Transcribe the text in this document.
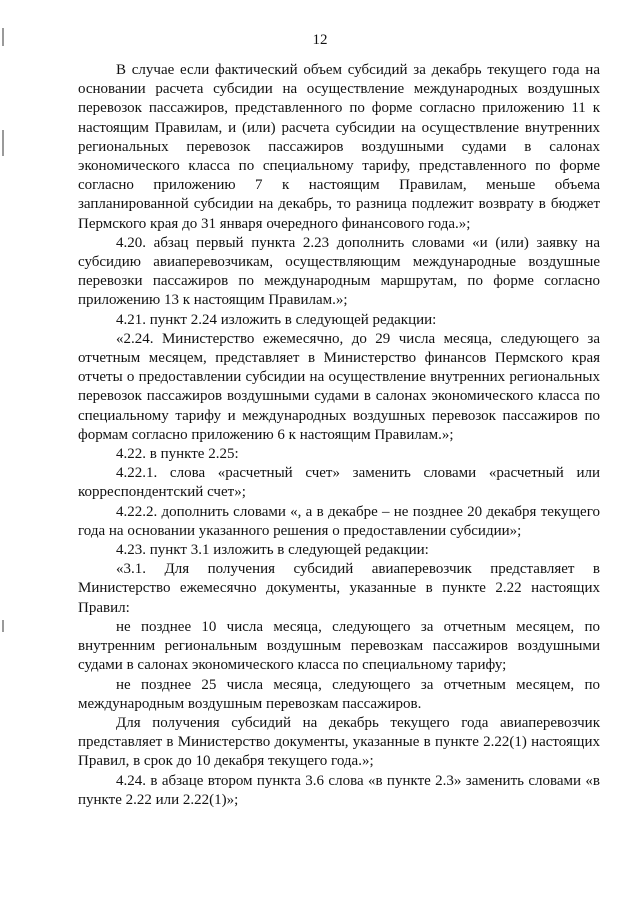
12

В случае если фактический объем субсидий за декабрь текущего года на основании расчета субсидии на осуществление международных воздушных перевозок пассажиров, представленного по форме согласно приложению 11 к настоящим Правилам, и (или) расчета субсидии на осуществление внутренних региональных перевозок пассажиров воздушными судами в салонах экономического класса по специальному тарифу, представленного по форме согласно приложению 7 к настоящим Правилам, меньше объема запланированной субсидии на декабрь, то разница подлежит возврату в бюджет Пермского края до 31 января очередного финансового года.»;

4.20. абзац первый пункта 2.23 дополнить словами «и (или) заявку на субсидию авиаперевозчикам, осуществляющим международные воздушные перевозки пассажиров по международным маршрутам, по форме согласно приложению 13 к настоящим Правилам.»;

4.21. пункт 2.24 изложить в следующей редакции:

«2.24. Министерство ежемесячно, до 29 числа месяца, следующего за отчетным месяцем, представляет в Министерство финансов Пермского края отчеты о предоставлении субсидии на осуществление внутренних региональных перевозок пассажиров воздушными судами в салонах экономического класса по специальному тарифу и международных воздушных перевозок пассажиров по формам согласно приложению 6 к настоящим Правилам.»;

4.22. в пункте 2.25:

4.22.1. слова «расчетный счет» заменить словами «расчетный или корреспондентский счет»;

4.22.2. дополнить словами «, а в декабре – не позднее 20 декабря текущего года на основании указанного решения о предоставлении субсидии»;

4.23. пункт 3.1 изложить в следующей редакции:

«3.1. Для получения субсидий авиаперевозчик представляет в Министерство ежемесячно документы, указанные в пункте 2.22 настоящих Правил:

не позднее 10 числа месяца, следующего за отчетным месяцем, по внутренним региональным воздушным перевозкам пассажиров воздушными судами в салонах экономического класса по специальному тарифу;

не позднее 25 числа месяца, следующего за отчетным месяцем, по международным воздушным перевозкам пассажиров.

Для получения субсидий на декабрь текущего года авиаперевозчик представляет в Министерство документы, указанные в пункте 2.22(1) настоящих Правил, в срок до 10 декабря текущего года.»;

4.24. в абзаце втором пункта 3.6 слова «в пункте 2.3» заменить словами «в пункте 2.22 или 2.22(1)»;
